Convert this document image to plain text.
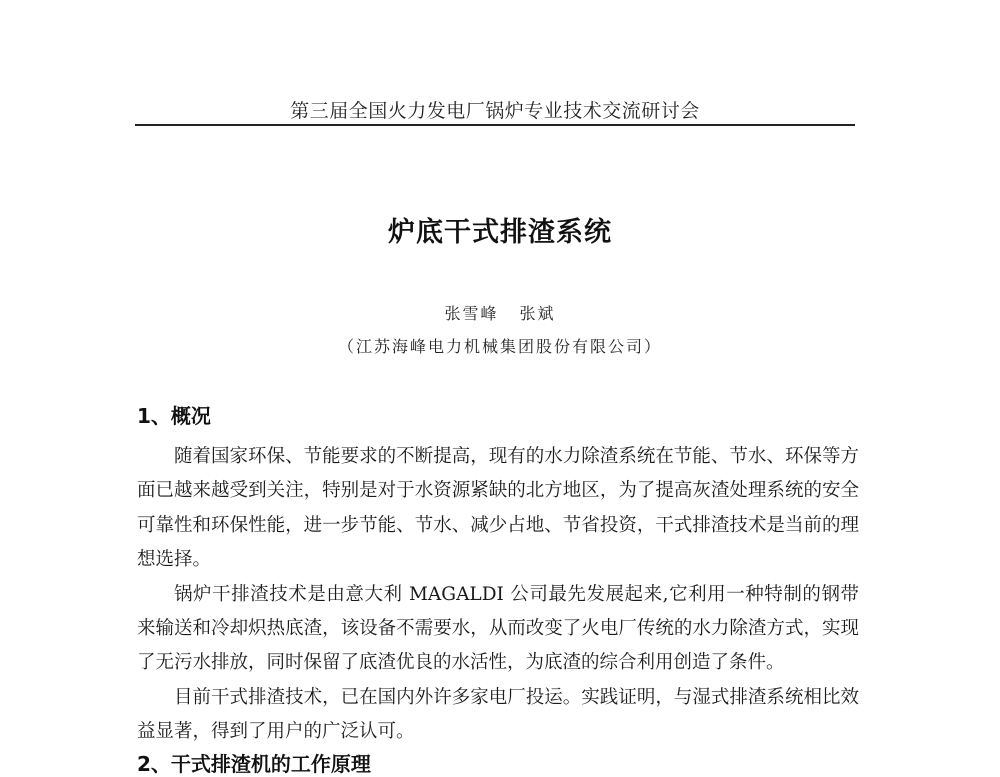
第三届全国火力发电厂锅炉专业技术交流研讨会
炉底干式排渣系统
张雪峰 张斌
（江苏海峰电力机械集团股份有限公司）
1、概况

随着国家环保、节能要求的不断提高，现有的水力除渣系统在节能、节水、环保等方面已越来越受到关注，特别是对于水资源紧缺的北方地区，为了提高灰渣处理系统的安全可靠性和环保性能，进一步节能、节水、减少占地、节省投资，干式排渣技术是当前的理想选择。

锅炉干排渣技术是由意大利 MAGALDI 公司最先发展起来,它利用一种特制的钢带来输送和冷却炽热底渣，该设备不需要水，从而改变了火电厂传统的水力除渣方式，实现了无污水排放，同时保留了底渣优良的水活性，为底渣的综合利用创造了条件。

目前干式排渣技术，已在国内外许多家电厂投运。实践证明，与湿式排渣系统相比效益显著，得到了用户的广泛认可。

2、干式排渣机的工作原理
